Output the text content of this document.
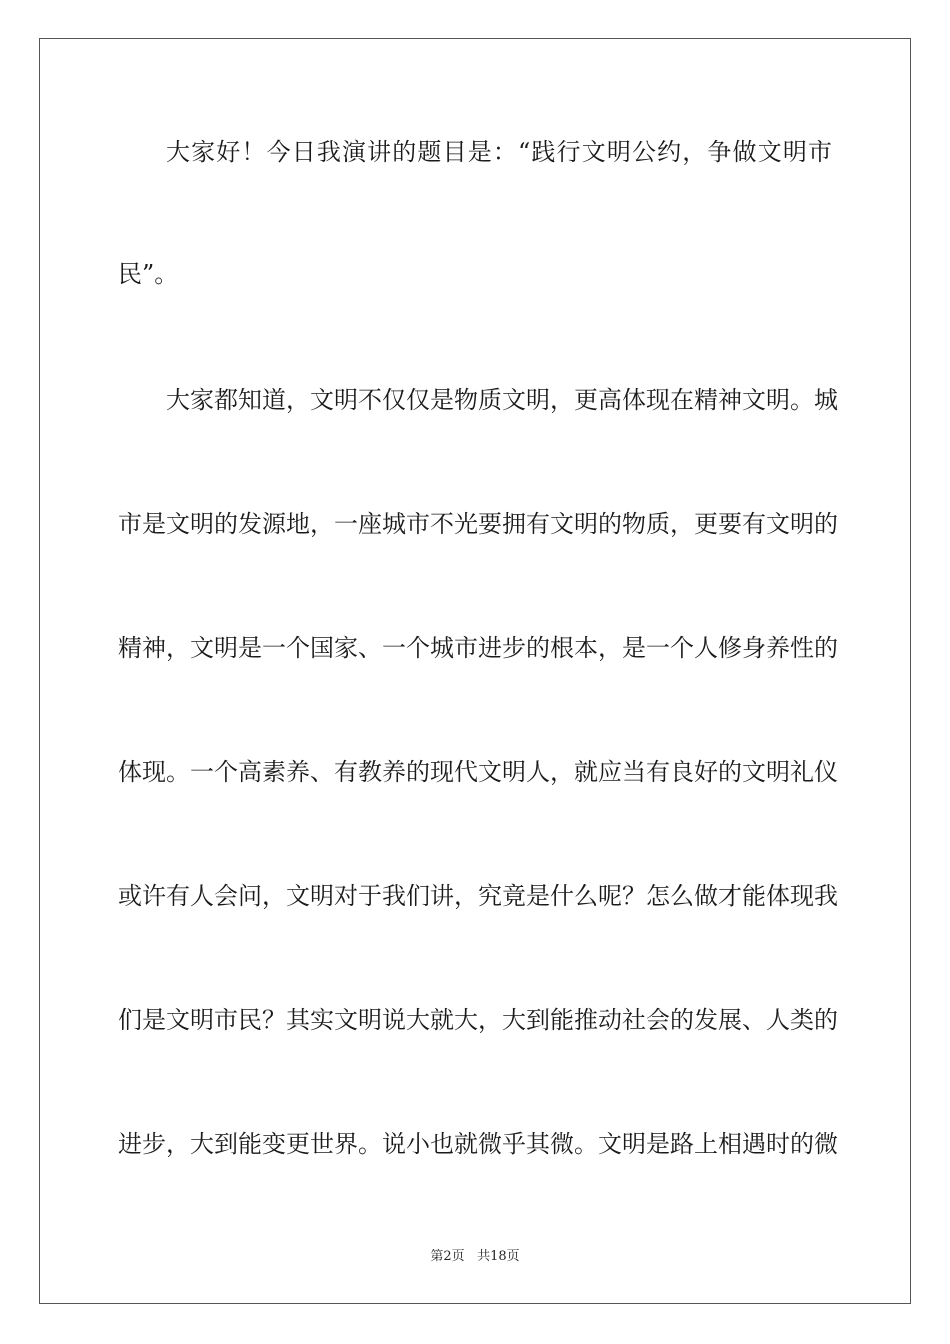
大家好！今日我演讲的题目是：“践行文明公约，争做文明市
民”。
大家都知道，文明不仅仅是物质文明，更高体现在精神文明。城
市是文明的发源地，一座城市不光要拥有文明的物质，更要有文明的
精神，文明是一个国家、一个城市进步的根本，是一个人修身养性的
体现。一个高素养、有教养的现代文明人，就应当有良好的文明礼仪
或许有人会问，文明对于我们讲，究竟是什么呢？怎么做才能体现我
们是文明市民？其实文明说大就大，大到能推动社会的发展、人类的
进步，大到能变更世界。说小也就微乎其微。文明是路上相遇时的微
第2页 共18页
